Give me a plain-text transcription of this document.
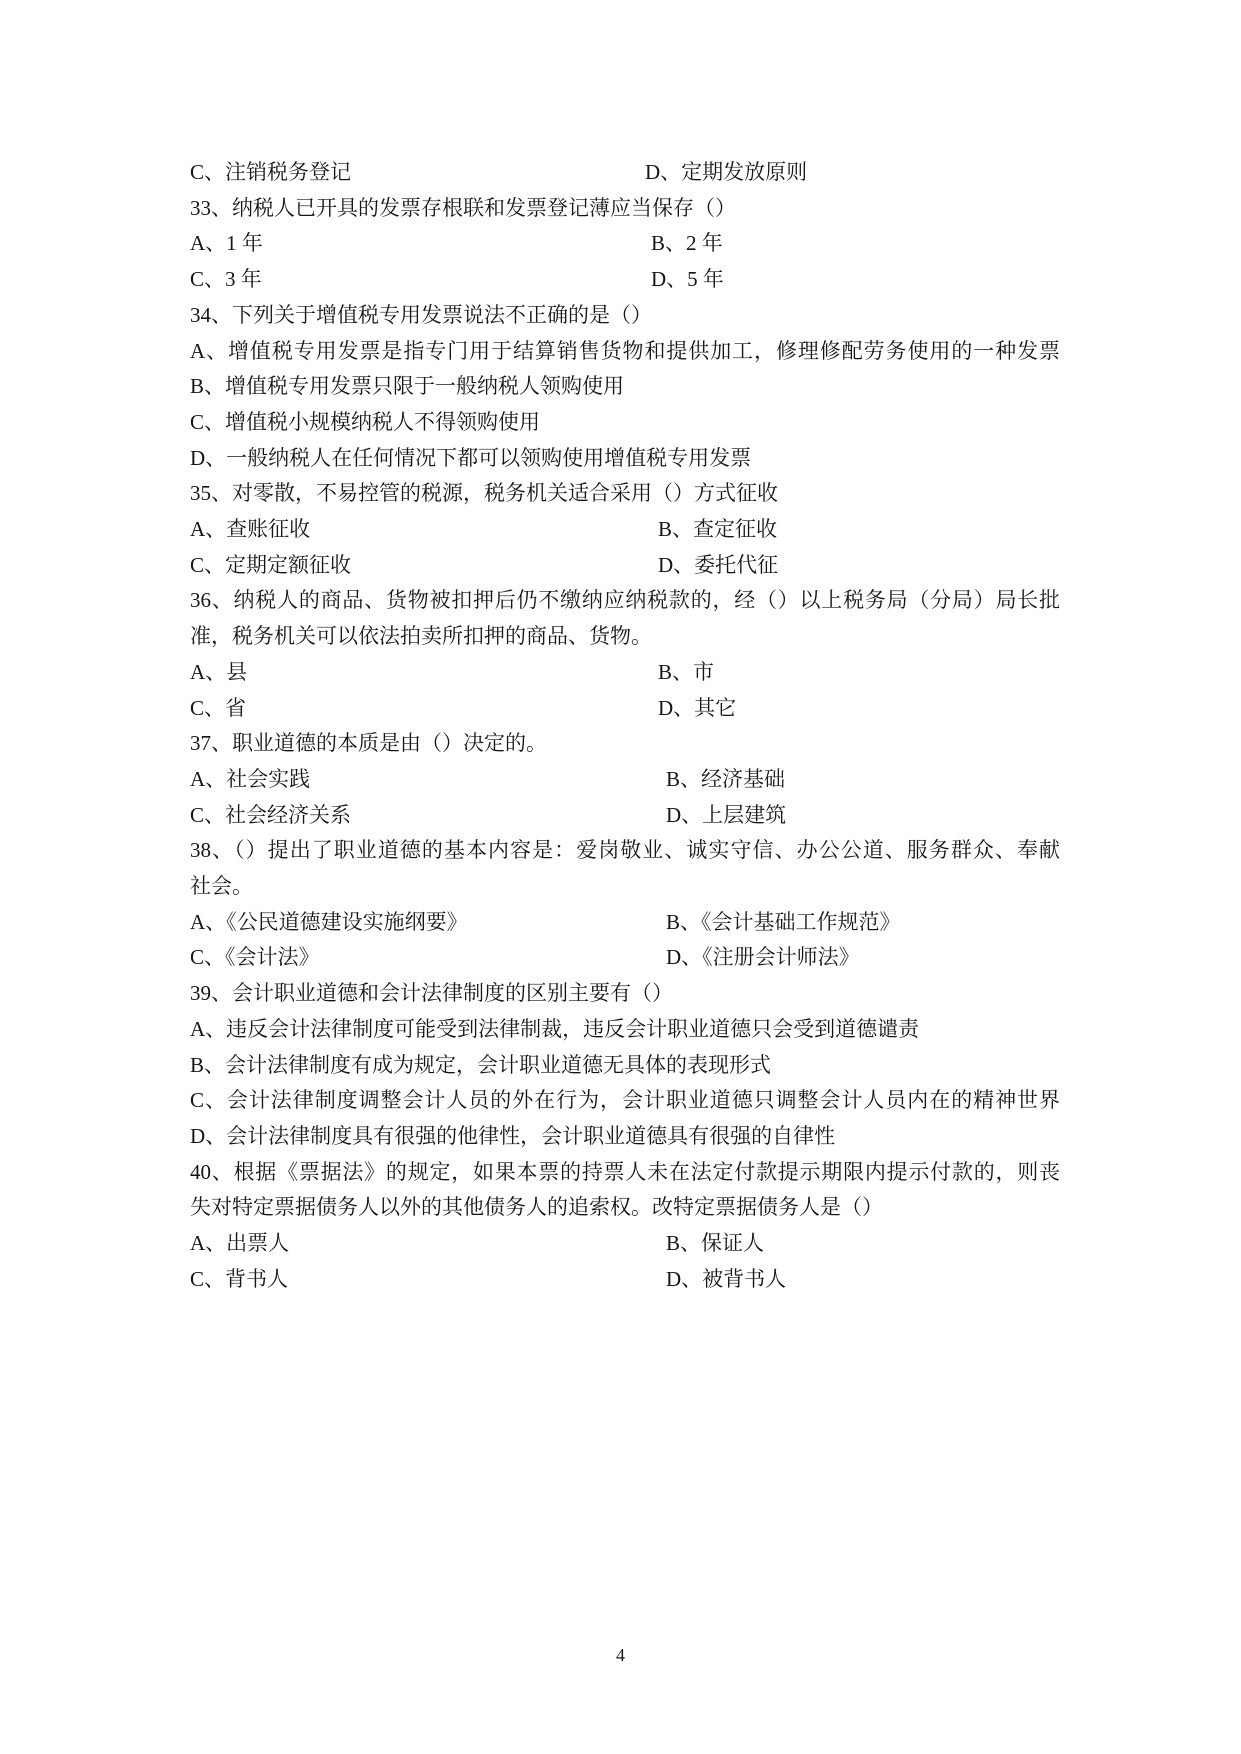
C、注销税务登记	D、定期发放原则
33、纳税人已开具的发票存根联和发票登记薄应当保存（）
A、1 年	B、2 年
C、3 年	D、5 年
34、下列关于增值税专用发票说法不正确的是（）
A、增值税专用发票是指专门用于结算销售货物和提供加工，修理修配劳务使用的一种发票
B、增值税专用发票只限于一般纳税人领购使用
C、增值税小规模纳税人不得领购使用
D、一般纳税人在任何情况下都可以领购使用增值税专用发票
35、对零散，不易控管的税源，税务机关适合采用（）方式征收
A、查账征收	B、查定征收
C、定期定额征收	D、委托代征
36、纳税人的商品、货物被扣押后仍不缴纳应纳税款的，经（）以上税务局（分局）局长批
准，税务机关可以依法拍卖所扣押的商品、货物。
A、县	B、市
C、省	D、其它
37、职业道德的本质是由（）决定的。
A、社会实践	B、经济基础
C、社会经济关系	D、上层建筑
38、（）提出了职业道德的基本内容是：爱岗敬业、诚实守信、办公公道、服务群众、奉献
社会。
A、《公民道德建设实施纲要》	B、《会计基础工作规范》
C、《会计法》	D、《注册会计师法》
39、会计职业道德和会计法律制度的区别主要有（）
A、违反会计法律制度可能受到法律制裁，违反会计职业道德只会受到道德谴责
B、会计法律制度有成为规定，会计职业道德无具体的表现形式
C、会计法律制度调整会计人员的外在行为，会计职业道德只调整会计人员内在的精神世界
D、会计法律制度具有很强的他律性，会计职业道德具有很强的自律性
40、根据《票据法》的规定，如果本票的持票人未在法定付款提示期限内提示付款的，则丧
失对特定票据债务人以外的其他债务人的追索权。改特定票据债务人是（）
A、出票人	B、保证人
C、背书人	D、被背书人
4
